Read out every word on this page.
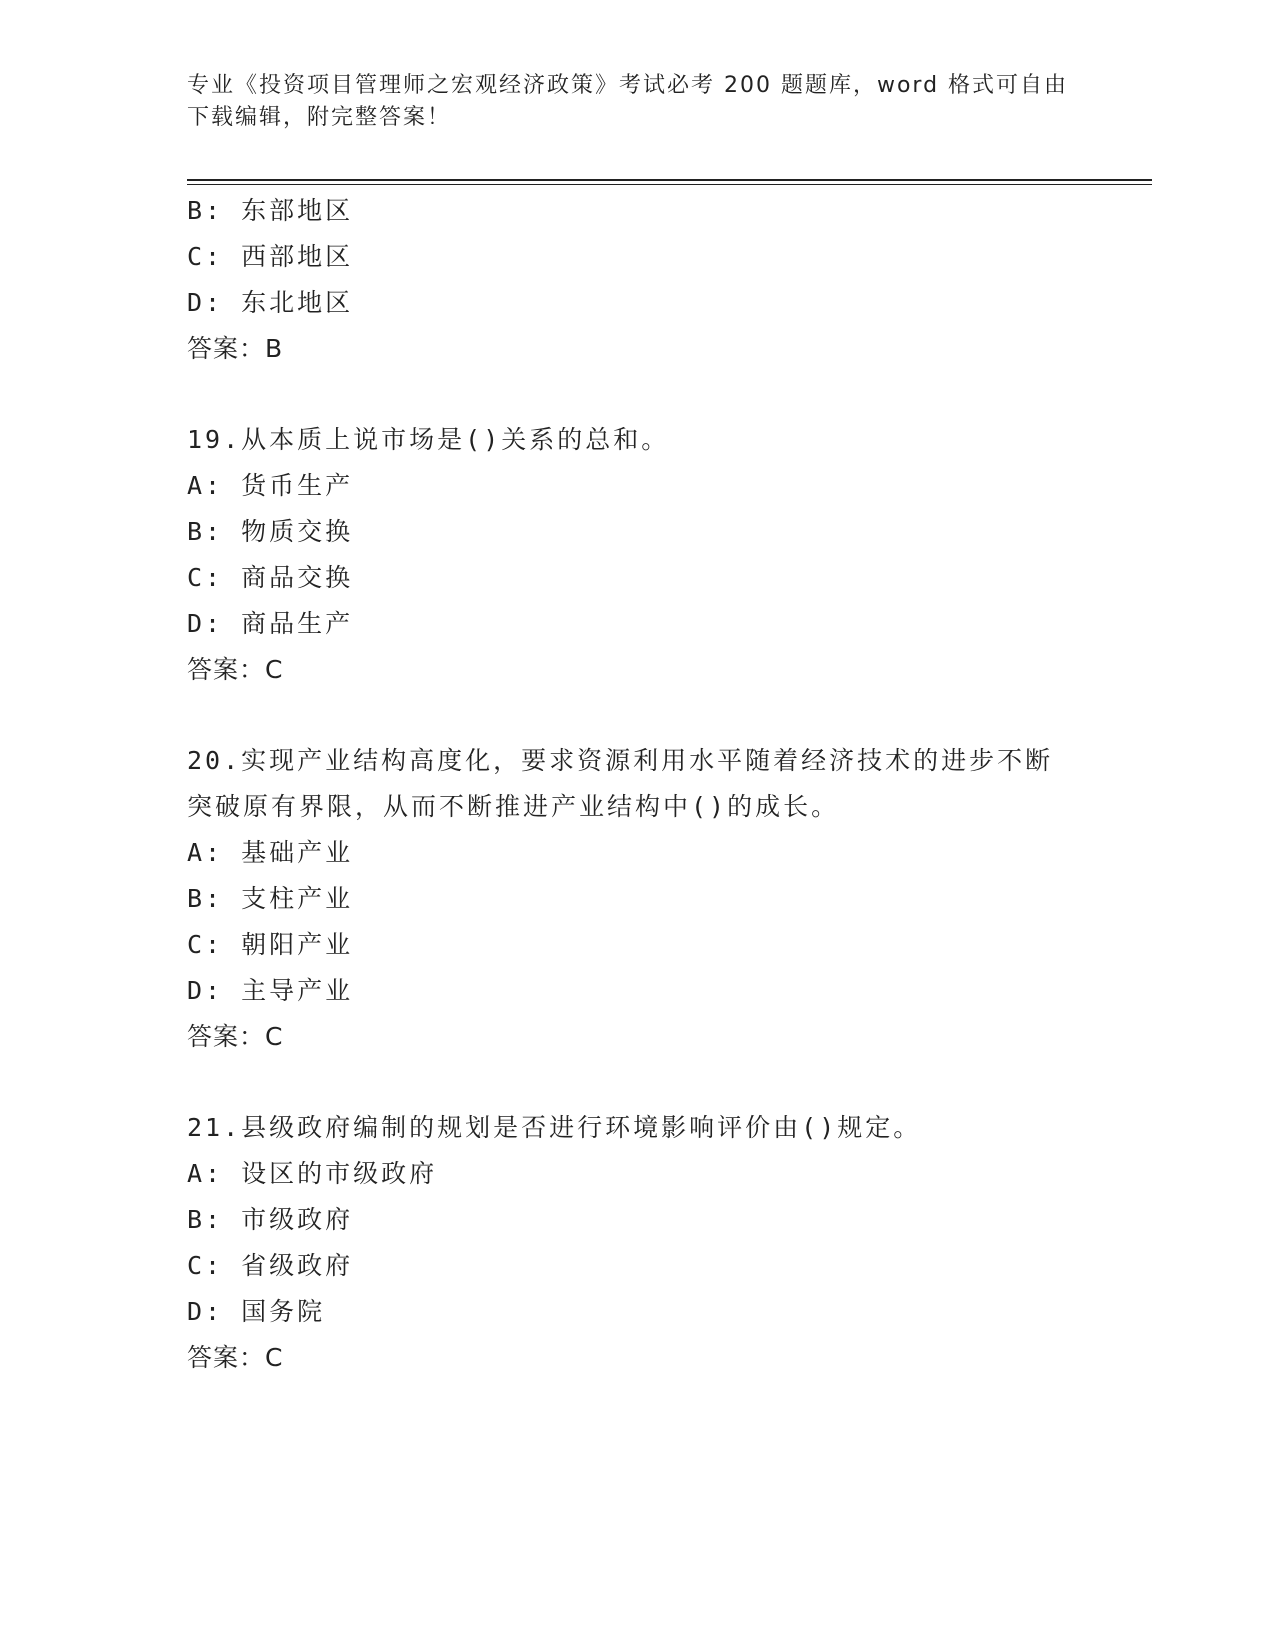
专业《投资项目管理师之宏观经济政策》考试必考 200 题题库，word 格式可自由
下载编辑，附完整答案！
B: 东部地区
C: 西部地区
D: 东北地区
答案：B
19.从本质上说市场是()关系的总和。
A: 货币生产
B: 物质交换
C: 商品交换
D: 商品生产
答案：C
20.实现产业结构高度化，要求资源利用水平随着经济技术的进步不断
突破原有界限，从而不断推进产业结构中()的成长。
A: 基础产业
B: 支柱产业
C: 朝阳产业
D: 主导产业
答案：C
21.县级政府编制的规划是否进行环境影响评价由()规定。
A: 设区的市级政府
B: 市级政府
C: 省级政府
D: 国务院
答案：C
